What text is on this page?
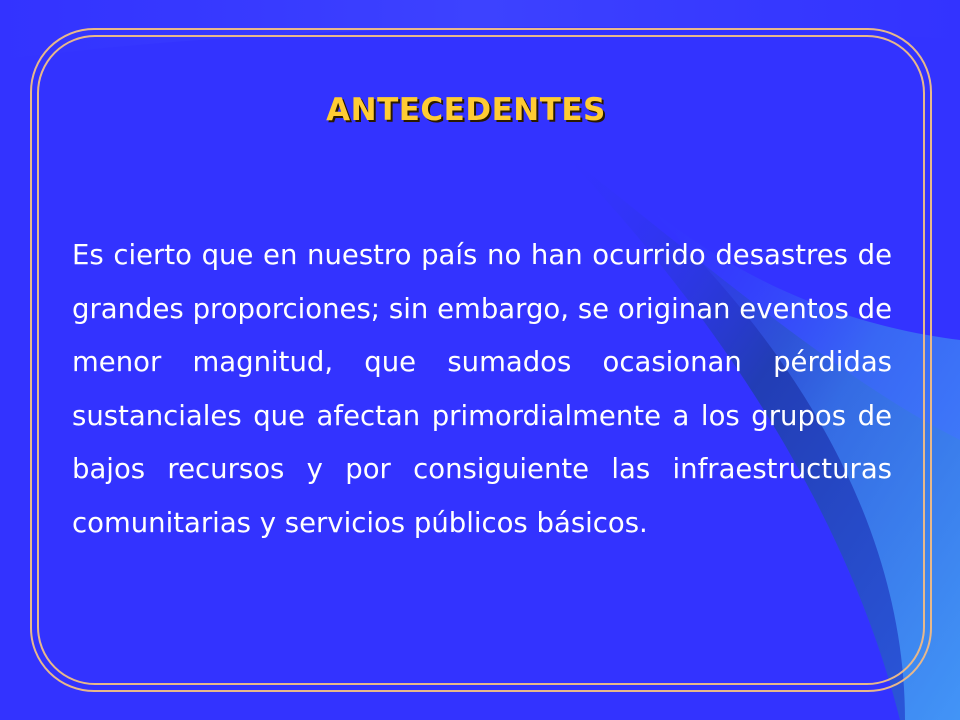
ANTECEDENTES

Es cierto que en nuestro país no han ocurrido desastres de grandes proporciones; sin embargo, se originan eventos de menor magnitud, que sumados ocasionan pérdidas sustanciales que afectan primordialmente a los grupos de bajos recursos y por consiguiente las infraestructuras comunitarias y servicios públicos básicos.
